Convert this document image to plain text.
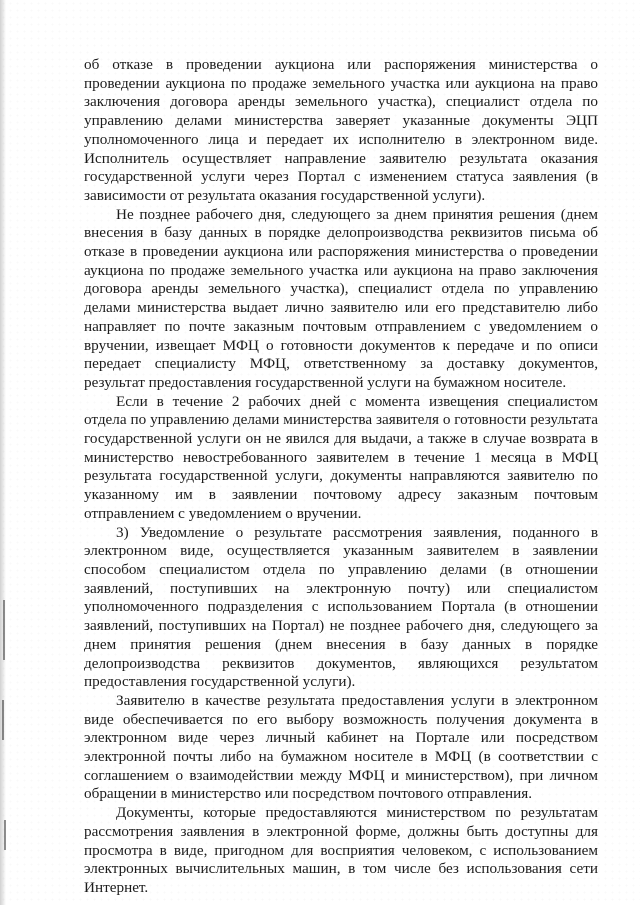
об отказе в проведении аукциона или распоряжения министерства о проведении аукциона по продаже земельного участка или аукциона на право заключения договора аренды земельного участка), специалист отдела по управлению делами министерства заверяет указанные документы ЭЦП уполномоченного лица и передает их исполнителю в электронном виде. Исполнитель осуществляет направление заявителю результата оказания государственной услуги через Портал с изменением статуса заявления (в зависимости от результата оказания государственной услуги).

Не позднее рабочего дня, следующего за днем принятия решения (днем внесения в базу данных в порядке делопроизводства реквизитов письма об отказе в проведении аукциона или распоряжения министерства о проведении аукциона по продаже земельного участка или аукциона на право заключения договора аренды земельного участка), специалист отдела по управлению делами министерства выдает лично заявителю или его представителю либо направляет по почте заказным почтовым отправлением с уведомлением о вручении, извещает МФЦ о готовности документов к передаче и по описи передает специалисту МФЦ, ответственному за доставку документов, результат предоставления государственной услуги на бумажном носителе.

Если в течение 2 рабочих дней с момента извещения специалистом отдела по управлению делами министерства заявителя о готовности результата государственной услуги он не явился для выдачи, а также в случае возврата в министерство невостребованного заявителем в течение 1 месяца в МФЦ результата государственной услуги, документы направляются заявителю по указанному им в заявлении почтовому адресу заказным почтовым отправлением с уведомлением о вручении.

3) Уведомление о результате рассмотрения заявления, поданного в электронном виде, осуществляется указанным заявителем в заявлении способом специалистом отдела по управлению делами (в отношении заявлений, поступивших на электронную почту) или специалистом уполномоченного подразделения с использованием Портала (в отношении заявлений, поступивших на Портал) не позднее рабочего дня, следующего за днем принятия решения (днем внесения в базу данных в порядке делопроизводства реквизитов документов, являющихся результатом предоставления государственной услуги).

Заявителю в качестве результата предоставления услуги в электронном виде обеспечивается по его выбору возможность получения документа в электронном виде через личный кабинет на Портале или посредством электронной почты либо на бумажном носителе в МФЦ (в соответствии с соглашением о взаимодействии между МФЦ и министерством), при личном обращении в министерство или посредством почтового отправления.

Документы, которые предоставляются министерством по результатам рассмотрения заявления в электронной форме, должны быть доступны для просмотра в виде, пригодном для восприятия человеком, с использованием электронных вычислительных машин, в том числе без использования сети Интернет.
